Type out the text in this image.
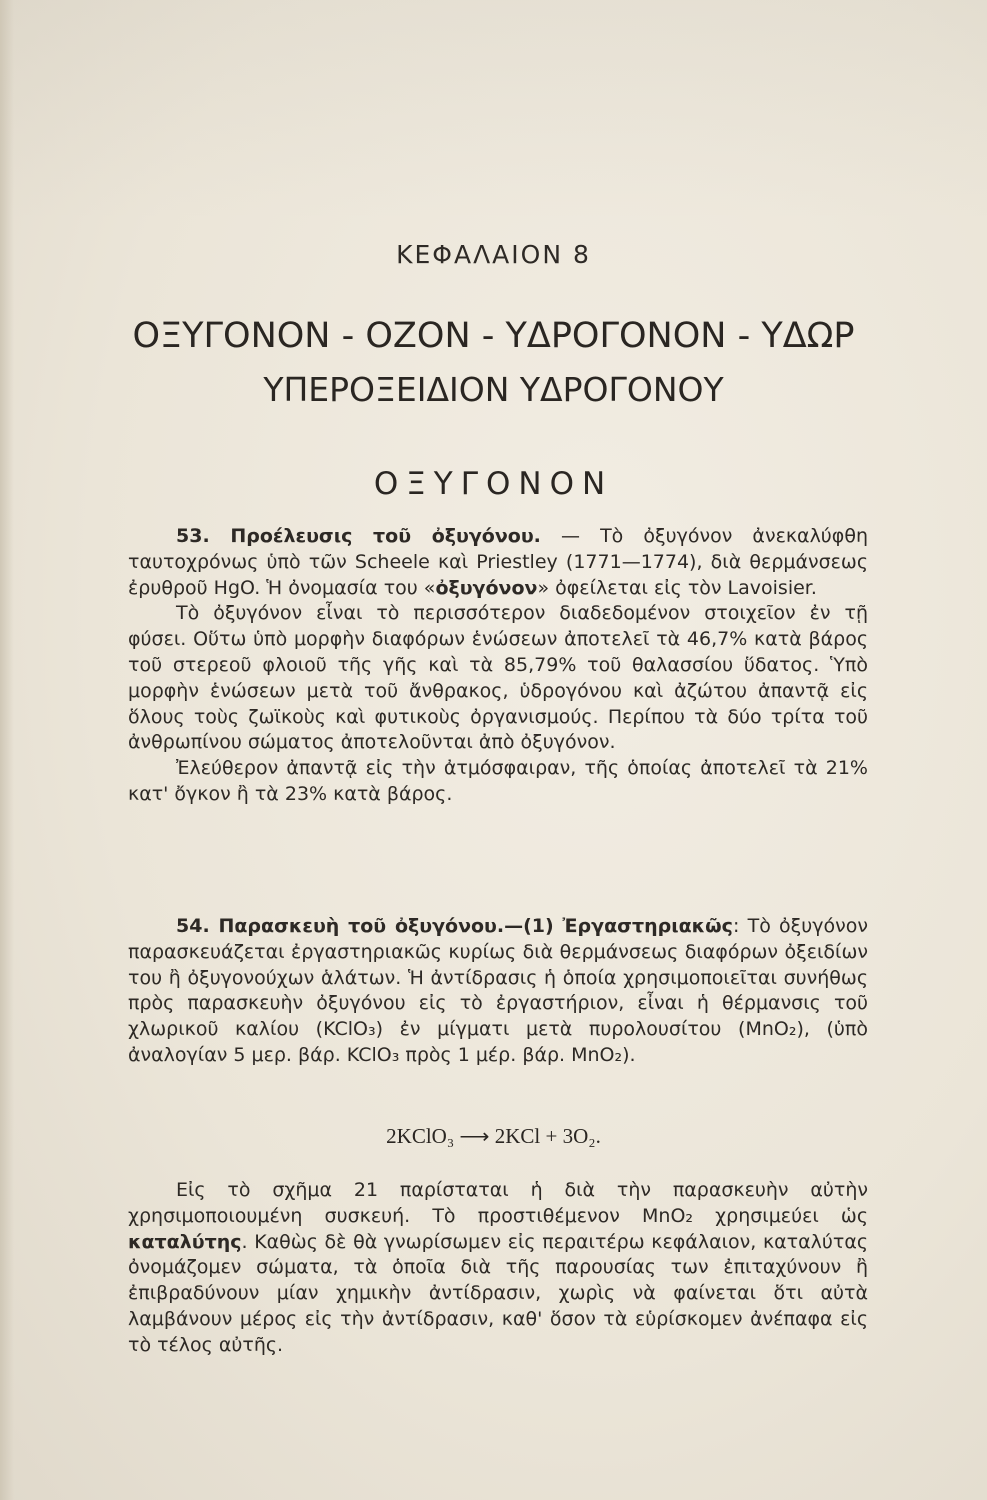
ΚΕΦΑΛΑΙΟΝ 8
ΟΞΥΓΟΝΟΝ - ΟΖΟΝ - ΥΔΡΟΓΟΝΟΝ - ΥΔΩΡ
ΥΠΕΡΟΞΕΙΔΙΟΝ ΥΔΡΟΓΟΝΟΥ
ΟΞΥΓΟΝΟΝ

53. Προέλευσις τοῦ ὀξυγόνου. — Τὸ ὀξυγόνον ἀνεκαλύφθη ταυτοχρόνως ὑπὸ τῶν Scheele καὶ Priestley (1771—1774), διὰ θερμάνσεως ἐρυθροῦ HgO. Ἡ ὀνομασία του «ὀξυγόνον» ὀφείλεται εἰς τὸν Lavoisier.

Τὸ ὀξυγόνον εἶναι τὸ περισσότερον διαδεδομένον στοιχεῖον ἐν τῇ φύσει. Οὕτω ὑπὸ μορφὴν διαφόρων ἑνώσεων ἀποτελεῖ τὰ 46,7% κατὰ βάρος τοῦ στερεοῦ φλοιοῦ τῆς γῆς καὶ τὰ 85,79% τοῦ θαλασσίου ὕδατος. Ὑπὸ μορφὴν ἑνώσεων μετὰ τοῦ ἄνθρακος, ὑδρογόνου καὶ ἀζώτου ἀπαντᾷ εἰς ὅλους τοὺς ζωϊκοὺς καὶ φυτικοὺς ὀργανισμούς. Περίπου τὰ δύο τρίτα τοῦ ἀνθρωπίνου σώματος ἀποτελοῦνται ἀπὸ ὀξυγόνον.

Ἐλεύθερον ἀπαντᾷ εἰς τὴν ἀτμόσφαιραν, τῆς ὁποίας ἀποτελεῖ τὰ 21% κατ' ὄγκον ἢ τὰ 23% κατὰ βάρος.

54. Παρασκευὴ τοῦ ὀξυγόνου.—(1) Ἐργαστηριακῶς: Τὸ ὀξυγόνον παρασκευάζεται ἐργαστηριακῶς κυρίως διὰ θερμάνσεως διαφόρων ὀξειδίων του ἢ ὀξυγονούχων ἁλάτων. Ἡ ἀντίδρασις ἡ ὁποία χρησιμοποιεῖται συνήθως πρὸς παρασκευὴν ὀξυγόνου εἰς τὸ ἐργαστήριον, εἶναι ἡ θέρμανσις τοῦ χλωρικοῦ καλίου (KClO₃) ἐν μίγματι μετὰ πυρολουσίτου (MnO₂), (ὑπὸ ἀναλογίαν 5 μερ. βάρ. KClO₃ πρὸς 1 μέρ. βάρ. MnO₂).

2KClO₃ ⟶ 2KCl + 3O₂.

Εἰς τὸ σχῆμα 21 παρίσταται ἡ διὰ τὴν παρασκευὴν αὐτὴν χρησιμοποιουμένη συσκευή. Τὸ προστιθέμενον MnO₂ χρησιμεύει ὡς καταλύτης. Καθὼς δὲ θὰ γνωρίσωμεν εἰς περαιτέρω κεφάλαιον, καταλύτας ὀνομάζομεν σώματα, τὰ ὁποῖα διὰ τῆς παρουσίας των ἐπιταχύνουν ἢ ἐπιβραδύνουν μίαν χημικὴν ἀντίδρασιν, χωρὶς νὰ φαίνεται ὅτι αὐτὰ λαμβάνουν μέρος εἰς τὴν ἀντίδρασιν, καθ' ὅσον τὰ εὑρίσκομεν ἀνέπαφα εἰς τὸ τέλος αὐτῆς.
